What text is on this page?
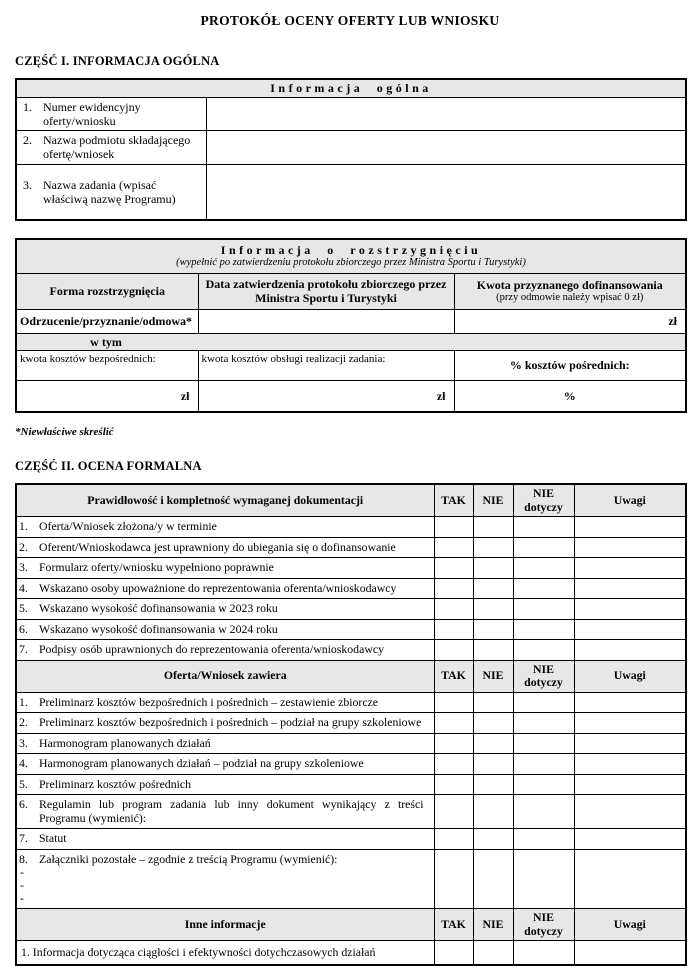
PROTOKÓŁ OCENY OFERTY LUB WNIOSKU
CZĘŚĆ I. INFORMACJA OGÓLNA
Informacja ogólna	

1. Numer ewidencyjny oferty/wniosku	

2. Nazwa podmiotu składającego ofertę/wniosek	

3. Nazwa zadania (wpisać właściwą nazwę Programu)	

Informacja o rozstrzygnięciu
(wypełnić po zatwierdzeniu protokołu zbiorczego przez Ministra Sportu i Turystyki)		

Forma rozstrzygnięcia	Data zatwierdzenia protokołu zbiorczego przez Ministra Sportu i Turystyki	Kwota przyznanego dofinansowania
(przy odmowie należy wpisać 0 zł)

Odrzucenie/przyznanie/odmowa*		zł

w tym		

kwota kosztów bezpośrednich:	kwota kosztów obsługi realizacji zadania:	% kosztów pośrednich:
zł	zł	%
*Niewłaściwe skreślić
CZĘŚĆ II. OCENA FORMALNA
Prawidłowość i kompletność wymaganej dokumentacji	TAK	NIE	NIE dotyczy	Uwagi

1. Oferta/Wniosek złożona/y w terminie				

2. Oferent/Wnioskodawca jest uprawniony do ubiegania się o dofinansowanie				

3. Formularz oferty/wniosku wypełniono poprawnie				

4. Wskazano osoby upoważnione do reprezentowania oferenta/wnioskodawcy				

5. Wskazano wysokość dofinansowania w 2023 roku				

6. Wskazano wysokość dofinansowania w 2024 roku				

7. Podpisy osób uprawnionych do reprezentowania oferenta/wnioskodawcy				

Oferta/Wniosek zawiera	TAK	NIE	NIE dotyczy	Uwagi

1. Preliminarz kosztów bezpośrednich i pośrednich – zestawienie zbiorcze				

2. Preliminarz kosztów bezpośrednich i pośrednich – podział na grupy szkoleniowe				

3. Harmonogram planowanych działań				

4. Harmonogram planowanych działań – podział na grupy szkoleniowe				

5. Preliminarz kosztów pośrednich				

6. Regulamin lub program zadania lub inny dokument wynikający z treści Programu (wymienić):				

7. Statut				

8. Załączniki pozostałe – zgodnie z treścią Programu (wymienić):
-
-
-				

Inne informacje	TAK	NIE	NIE dotyczy	Uwagi
1. Informacja dotycząca ciągłości i efektywności dotychczasowych działań				
